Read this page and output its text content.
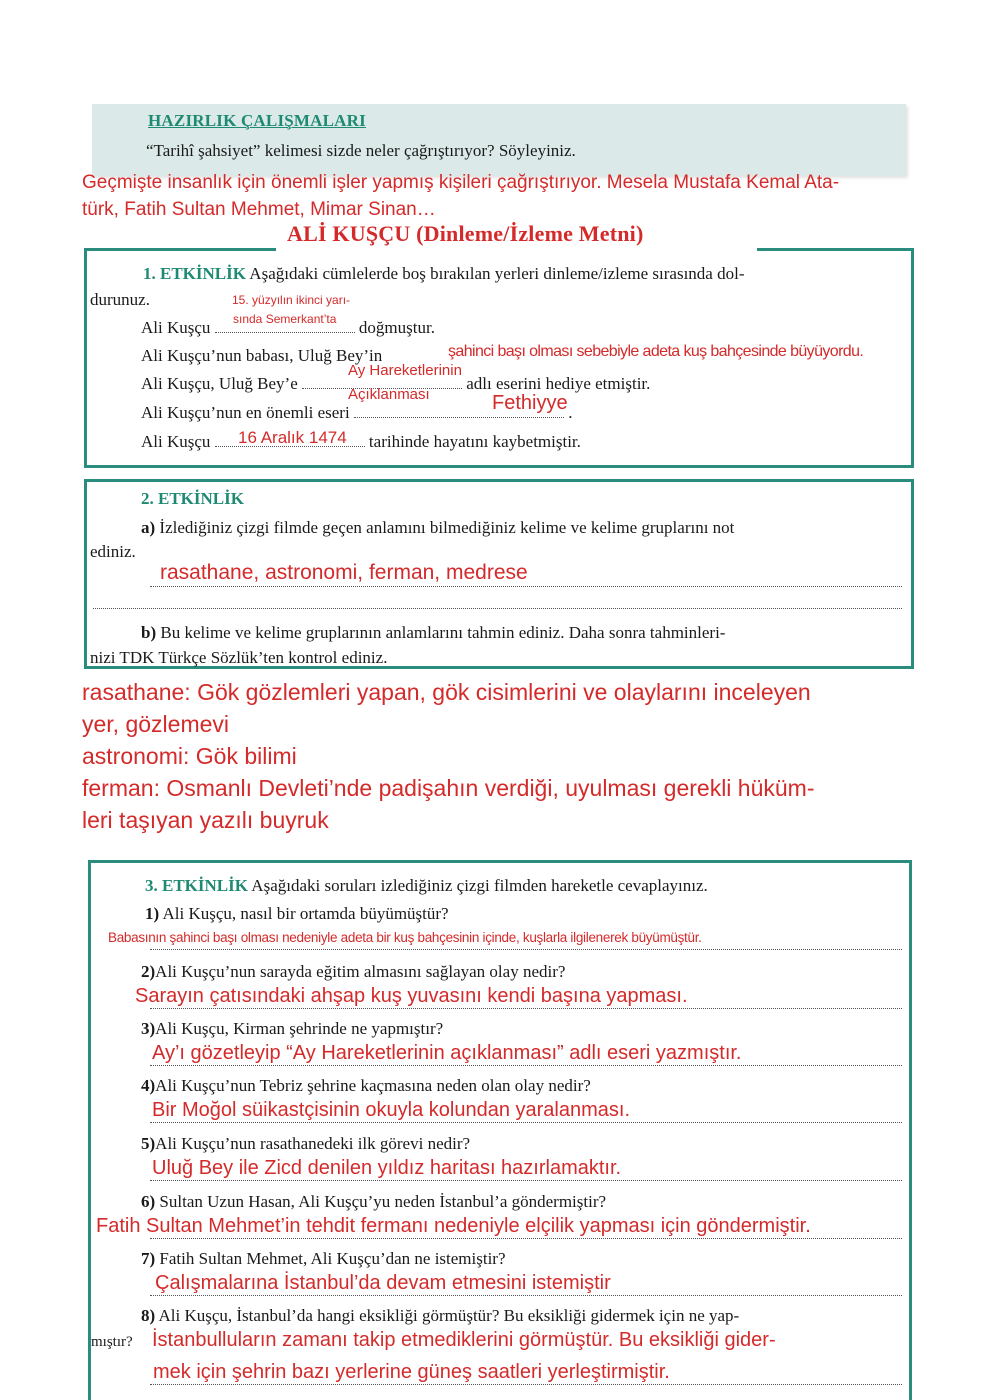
HAZIRLIK ÇALIŞMALARI
“Tarihî şahsiyet” kelimesi sizde neler çağrıştırıyor? Söyleyiniz.
Geçmişte insanlık için önemli işler yapmış kişileri çağrıştırıyor. Mesela Mustafa Kemal Ata-
türk, Fatih Sultan Mehmet, Mimar Sinan…
ALİ KUŞÇU (Dinleme/İzleme Metni)
1. ETKİNLİK Aşağıdaki cümlelerde boş bırakılan yerleri dinleme/izleme sırasında dol-
durunuz.	15. yüzyılın ikinci yarı-
sında Semerkant’ta
Ali Kuşçu	doğmuştur.
Ali Kuşçu’nun babası, Uluğ Bey’in	şahinci başı olması sebebiyle adeta kuş bahçesinde büyüyordu.
Ay Hareketlerinin
Ali Kuşçu, Uluğ Bey’e	adlı eserini hediye etmiştir.
Açıklanması	Fethiyye
Ali Kuşçu’nun en önemli eseri	.
Ali Kuşçu	tarihinde hayatını kaybetmiştir.
16 Aralık 1474
2. ETKİNLİK
a) İzlediğiniz çizgi filmde geçen anlamını bilmediğiniz kelime ve kelime gruplarını not
ediniz.
rasathane, astronomi, ferman, medrese
b) Bu kelime ve kelime gruplarının anlamlarını tahmin ediniz. Daha sonra tahminleri-
nizi TDK Türkçe Sözlük’ten kontrol ediniz.
rasathane: Gök gözlemleri yapan, gök cisimlerini ve olaylarını inceleyen
yer, gözlemevi
astronomi: Gök bilimi
ferman: Osmanlı Devleti’nde padişahın verdiği, uyulması gerekli hüküm-
leri taşıyan yazılı buyruk
3. ETKİNLİK Aşağıdaki soruları izlediğiniz çizgi filmden hareketle cevaplayınız.
1) Ali Kuşçu, nasıl bir ortamda büyümüştür?
Babasının şahinci başı olması nedeniyle adeta bir kuş bahçesinin içinde, kuşlarla ilgilenerek büyümüştür.
2)Ali Kuşçu’nun sarayda eğitim almasını sağlayan olay nedir?
Sarayın çatısındaki ahşap kuş yuvasını kendi başına yapması.
3)Ali Kuşçu, Kirman şehrinde ne yapmıştır?
Ay’ı gözetleyip “Ay Hareketlerinin açıklanması” adlı eseri yazmıştır.
4)Ali Kuşçu’nun Tebriz şehrine kaçmasına neden olan olay nedir?
Bir Moğol süikastçisinin okuyla kolundan yaralanması.
5)Ali Kuşçu’nun rasathanedeki ilk görevi nedir?
Uluğ Bey ile Zicd denilen yıldız haritası hazırlamaktır.
6) Sultan Uzun Hasan, Ali Kuşçu’yu neden İstanbul’a göndermiştir?
Fatih Sultan Mehmet’in tehdit fermanı nedeniyle elçilik yapması için göndermiştir.
7) Fatih Sultan Mehmet, Ali Kuşçu’dan ne istemiştir?
Çalışmalarına İstanbul’da devam etmesini istemiştir
8) Ali Kuşçu, İstanbul’da hangi eksikliği görmüştür? Bu eksikliği gidermek için ne yap-
mıştır? İstanbulluların zamanı takip etmediklerini görmüştür. Bu eksikliği gider-
mek için şehrin bazı yerlerine güneş saatleri yerleştirmiştir.
